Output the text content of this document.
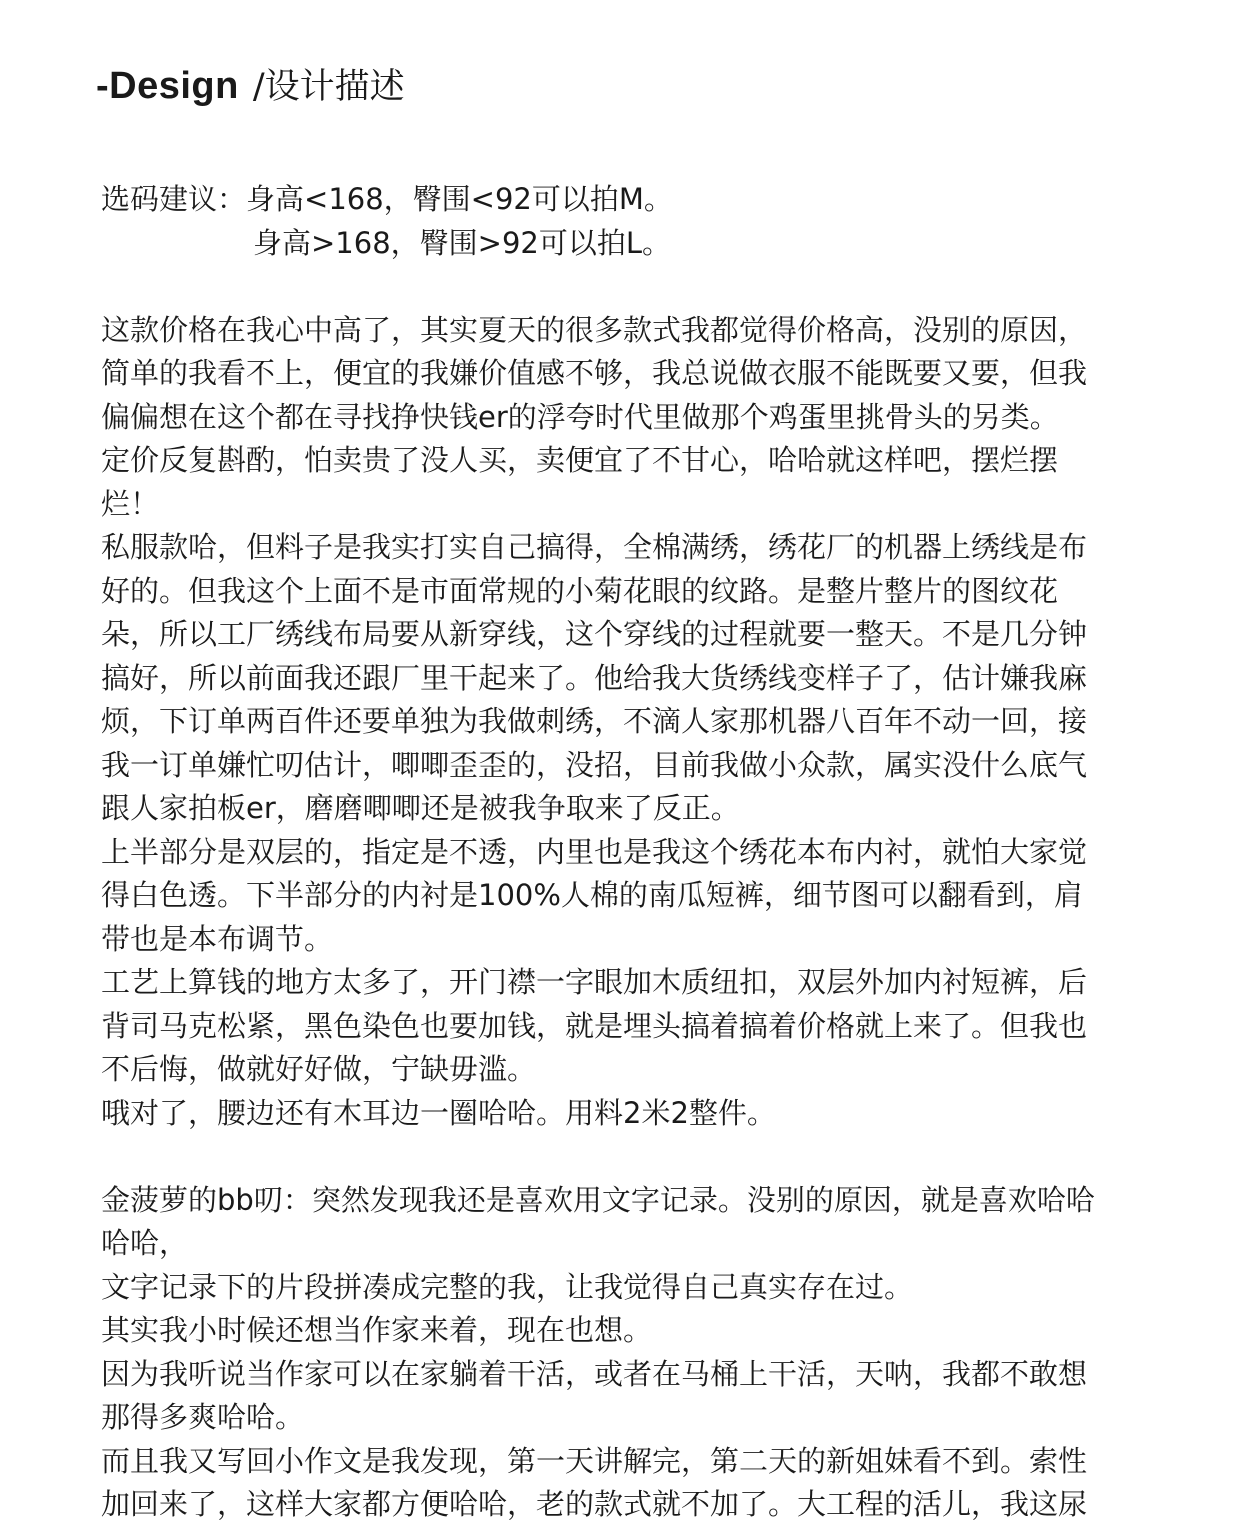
-Design /设计描述
选码建议：身高<168，臀围<92可以拍M。
身高>168，臀围>92可以拍L。
这款价格在我心中高了，其实夏天的很多款式我都觉得价格高，没别的原因，
简单的我看不上，便宜的我嫌价值感不够，我总说做衣服不能既要又要，但我
偏偏想在这个都在寻找挣快钱er的浮夸时代里做那个鸡蛋里挑骨头的另类。
定价反复斟酌，怕卖贵了没人买，卖便宜了不甘心，哈哈就这样吧，摆烂摆
烂！
私服款哈，但料子是我实打实自己搞得，全棉满绣，绣花厂的机器上绣线是布
好的。但我这个上面不是市面常规的小菊花眼的纹路。是整片整片的图纹花
朵，所以工厂绣线布局要从新穿线，这个穿线的过程就要一整天。不是几分钟
搞好，所以前面我还跟厂里干起来了。他给我大货绣线变样子了，估计嫌我麻
烦，下订单两百件还要单独为我做刺绣，不滴人家那机器八百年不动一回，接
我一订单嫌忙叨估计，唧唧歪歪的，没招，目前我做小众款，属实没什么底气
跟人家拍板er，磨磨唧唧还是被我争取来了反正。
上半部分是双层的，指定是不透，内里也是我这个绣花本布内衬，就怕大家觉
得白色透。下半部分的内衬是100%人棉的南瓜短裤，细节图可以翻看到，肩
带也是本布调节。
工艺上算钱的地方太多了，开门襟一字眼加木质纽扣，双层外加内衬短裤，后
背司马克松紧，黑色染色也要加钱，就是埋头搞着搞着价格就上来了。但我也
不后悔，做就好好做，宁缺毋滥。
哦对了，腰边还有木耳边一圈哈哈。用料2米2整件。
金菠萝的bb叨：突然发现我还是喜欢用文字记录。没别的原因，就是喜欢哈哈
哈哈，
文字记录下的片段拼凑成完整的我，让我觉得自己真实存在过。
其实我小时候还想当作家来着，现在也想。
因为我听说当作家可以在家躺着干活，或者在马桶上干活，天呐，我都不敢想
那得多爽哈哈。
而且我又写回小作文是我发现，第一天讲解完，第二天的新姐妹看不到。索性
加回来了，这样大家都方便哈哈，老的款式就不加了。大工程的活儿，我这尿
